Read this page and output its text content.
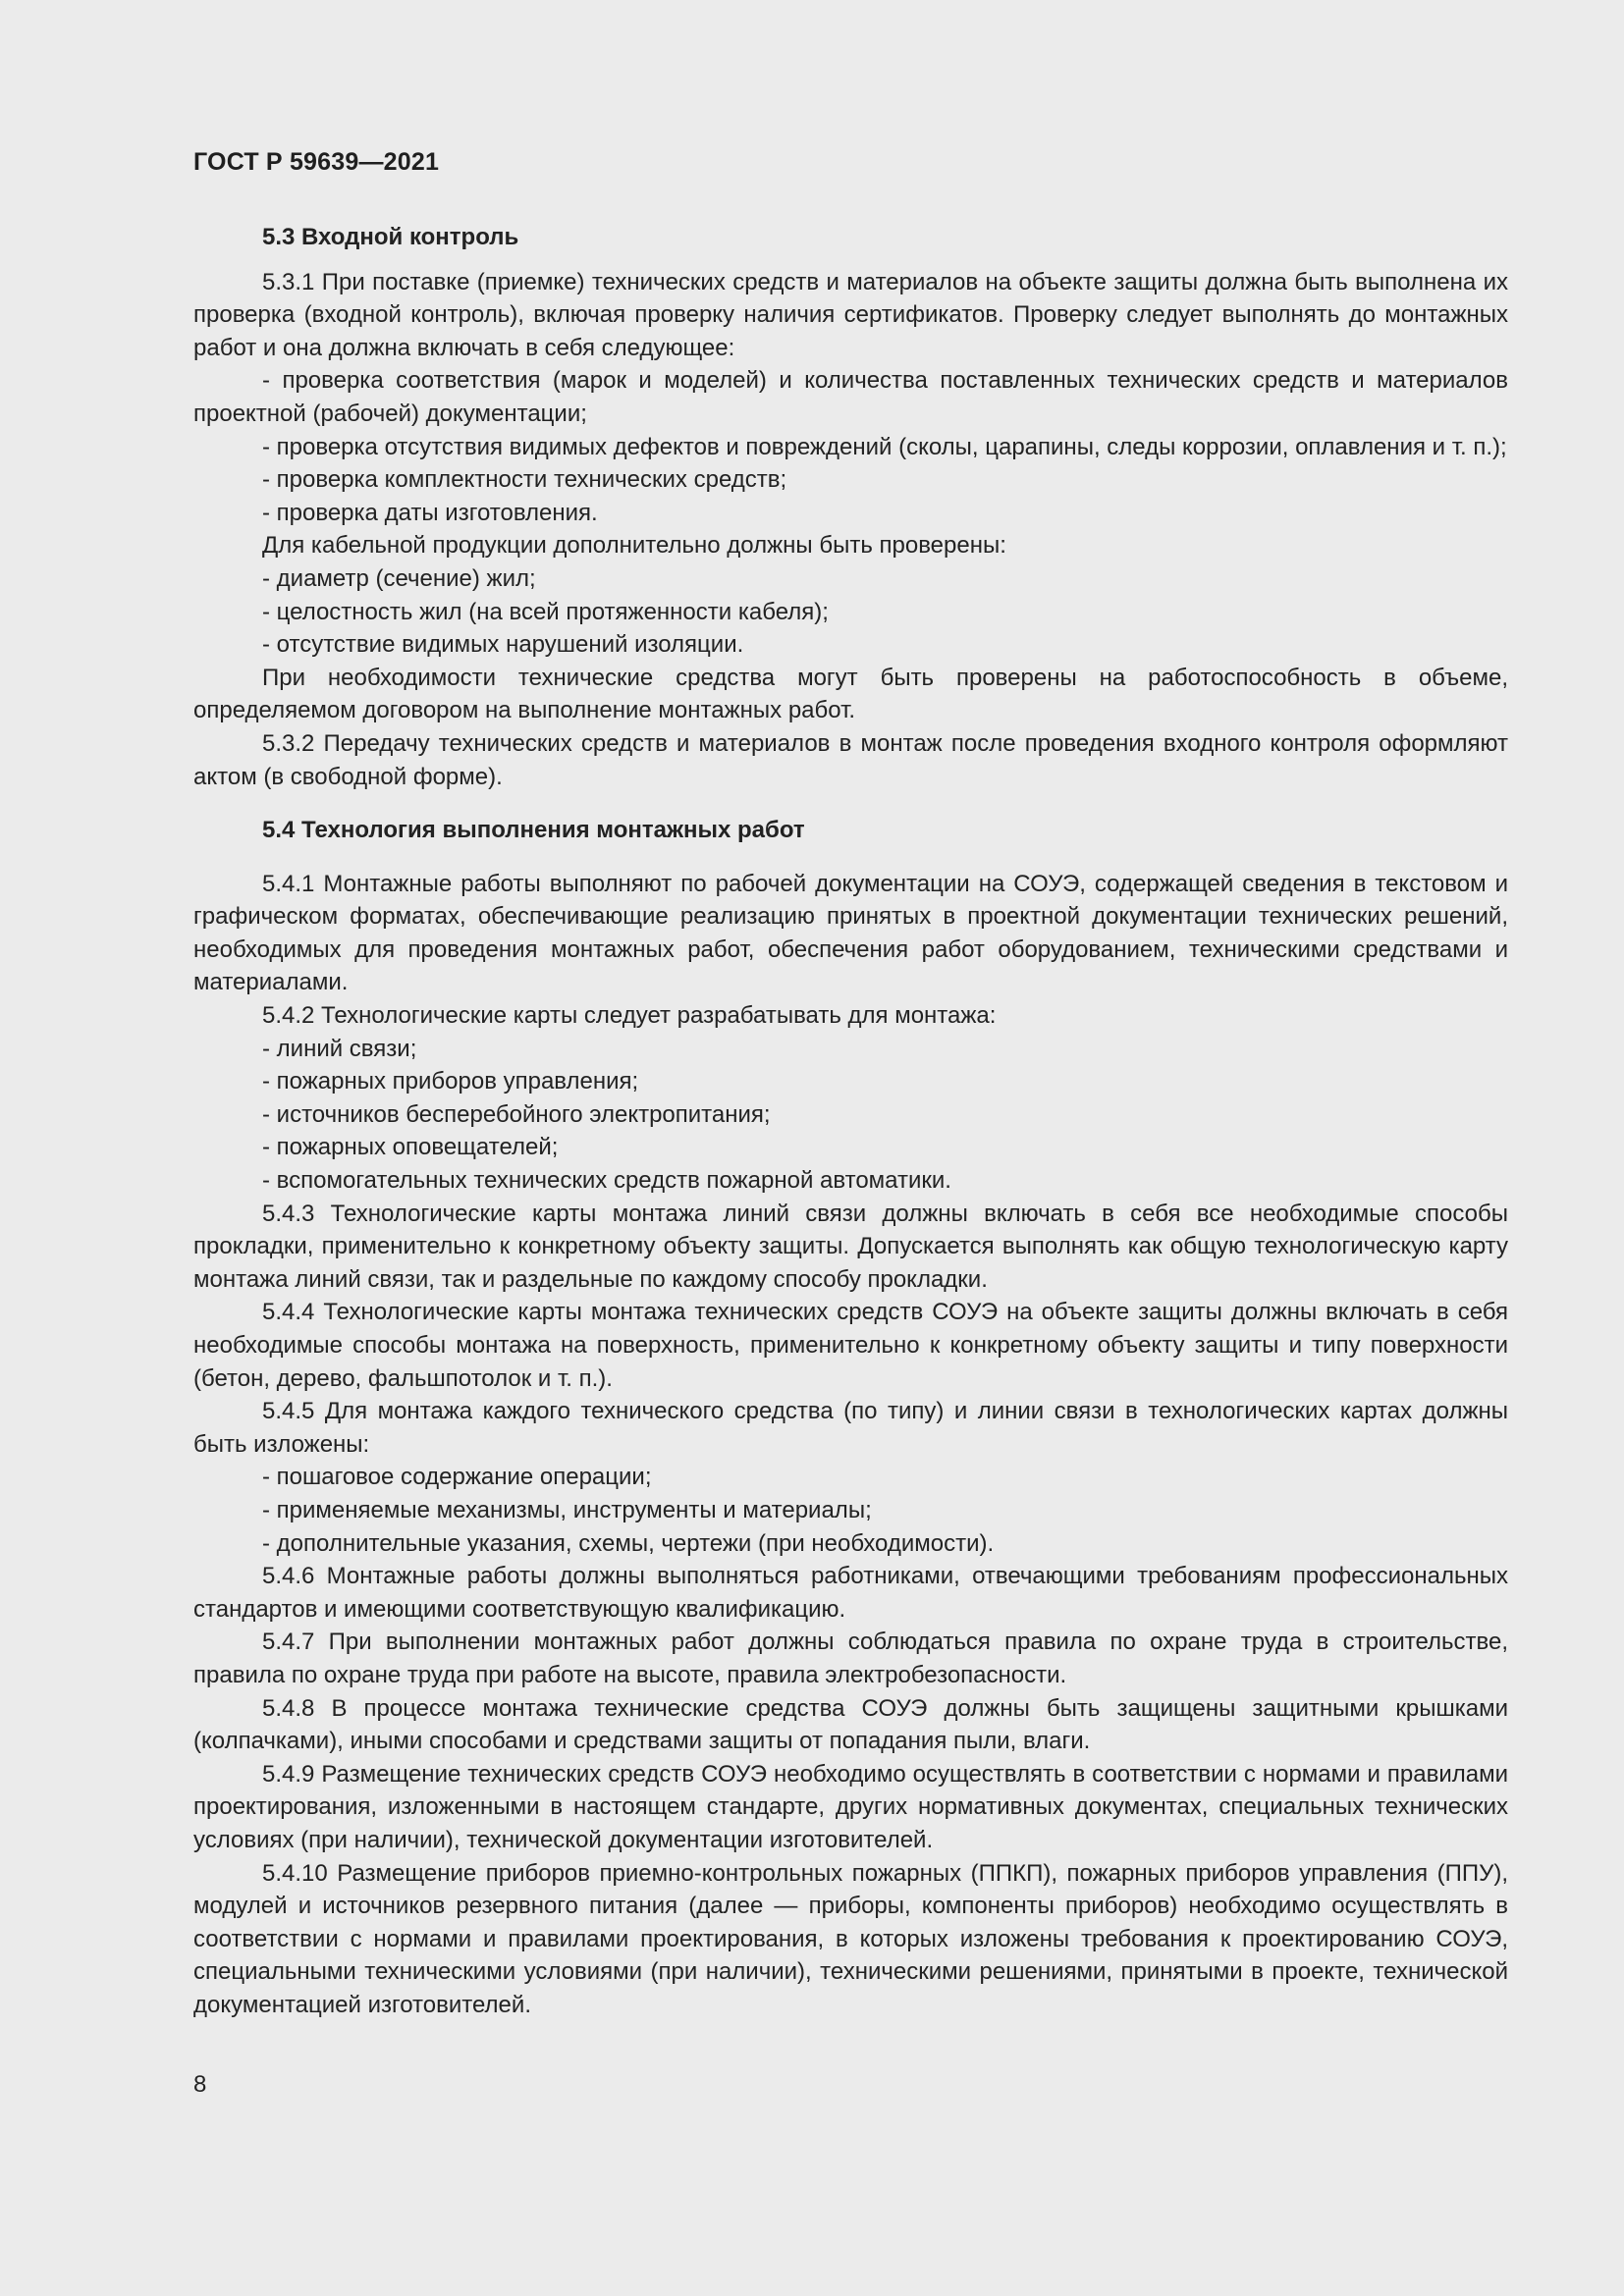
ГОСТ Р 59639—2021
5.3 Входной контроль

5.3.1 При поставке (приемке) технических средств и материалов на объекте защиты должна быть выполнена их проверка (входной контроль), включая проверку наличия сертификатов. Проверку следует выполнять до монтажных работ и она должна включать в себя следующее:

- проверка соответствия (марок и моделей) и количества поставленных технических средств и материалов проектной (рабочей) документации;

- проверка отсутствия видимых дефектов и повреждений (сколы, царапины, следы коррозии, оплавления и т. п.);

- проверка комплектности технических средств;

- проверка даты изготовления.

Для кабельной продукции дополнительно должны быть проверены:

- диаметр (сечение) жил;

- целостность жил (на всей протяженности кабеля);

- отсутствие видимых нарушений изоляции.

При необходимости технические средства могут быть проверены на работоспособность в объеме, определяемом договором на выполнение монтажных работ.

5.3.2 Передачу технических средств и материалов в монтаж после проведения входного контроля оформляют актом (в свободной форме).

5.4 Технология выполнения монтажных работ

5.4.1 Монтажные работы выполняют по рабочей документации на СОУЭ, содержащей сведения в текстовом и графическом форматах, обеспечивающие реализацию принятых в проектной документации технических решений, необходимых для проведения монтажных работ, обеспечения работ оборудованием, техническими средствами и материалами.

5.4.2 Технологические карты следует разрабатывать для монтажа:

- линий связи;

- пожарных приборов управления;

- источников бесперебойного электропитания;

- пожарных оповещателей;

- вспомогательных технических средств пожарной автоматики.

5.4.3 Технологические карты монтажа линий связи должны включать в себя все необходимые способы прокладки, применительно к конкретному объекту защиты. Допускается выполнять как общую технологическую карту монтажа линий связи, так и раздельные по каждому способу прокладки.

5.4.4 Технологические карты монтажа технических средств СОУЭ на объекте защиты должны включать в себя необходимые способы монтажа на поверхность, применительно к конкретному объекту защиты и типу поверхности (бетон, дерево, фальшпотолок и т. п.).

5.4.5 Для монтажа каждого технического средства (по типу) и линии связи в технологических картах должны быть изложены:

- пошаговое содержание операции;

- применяемые механизмы, инструменты и материалы;

- дополнительные указания, схемы, чертежи (при необходимости).

5.4.6 Монтажные работы должны выполняться работниками, отвечающими требованиям профессиональных стандартов и имеющими соответствующую квалификацию.

5.4.7 При выполнении монтажных работ должны соблюдаться правила по охране труда в строительстве, правила по охране труда при работе на высоте, правила электробезопасности.

5.4.8 В процессе монтажа технические средства СОУЭ должны быть защищены защитными крышками (колпачками), иными способами и средствами защиты от попадания пыли, влаги.

5.4.9 Размещение технических средств СОУЭ необходимо осуществлять в соответствии с нормами и правилами проектирования, изложенными в настоящем стандарте, других нормативных документах, специальных технических условиях (при наличии), технической документации изготовителей.

5.4.10 Размещение приборов приемно-контрольных пожарных (ППКП), пожарных приборов управления (ППУ), модулей и источников резервного питания (далее — приборы, компоненты приборов) необходимо осуществлять в соответствии с нормами и правилами проектирования, в которых изложены требования к проектированию СОУЭ, специальными техническими условиями (при наличии), техническими решениями, принятыми в проекте, технической документацией изготовителей.

8
